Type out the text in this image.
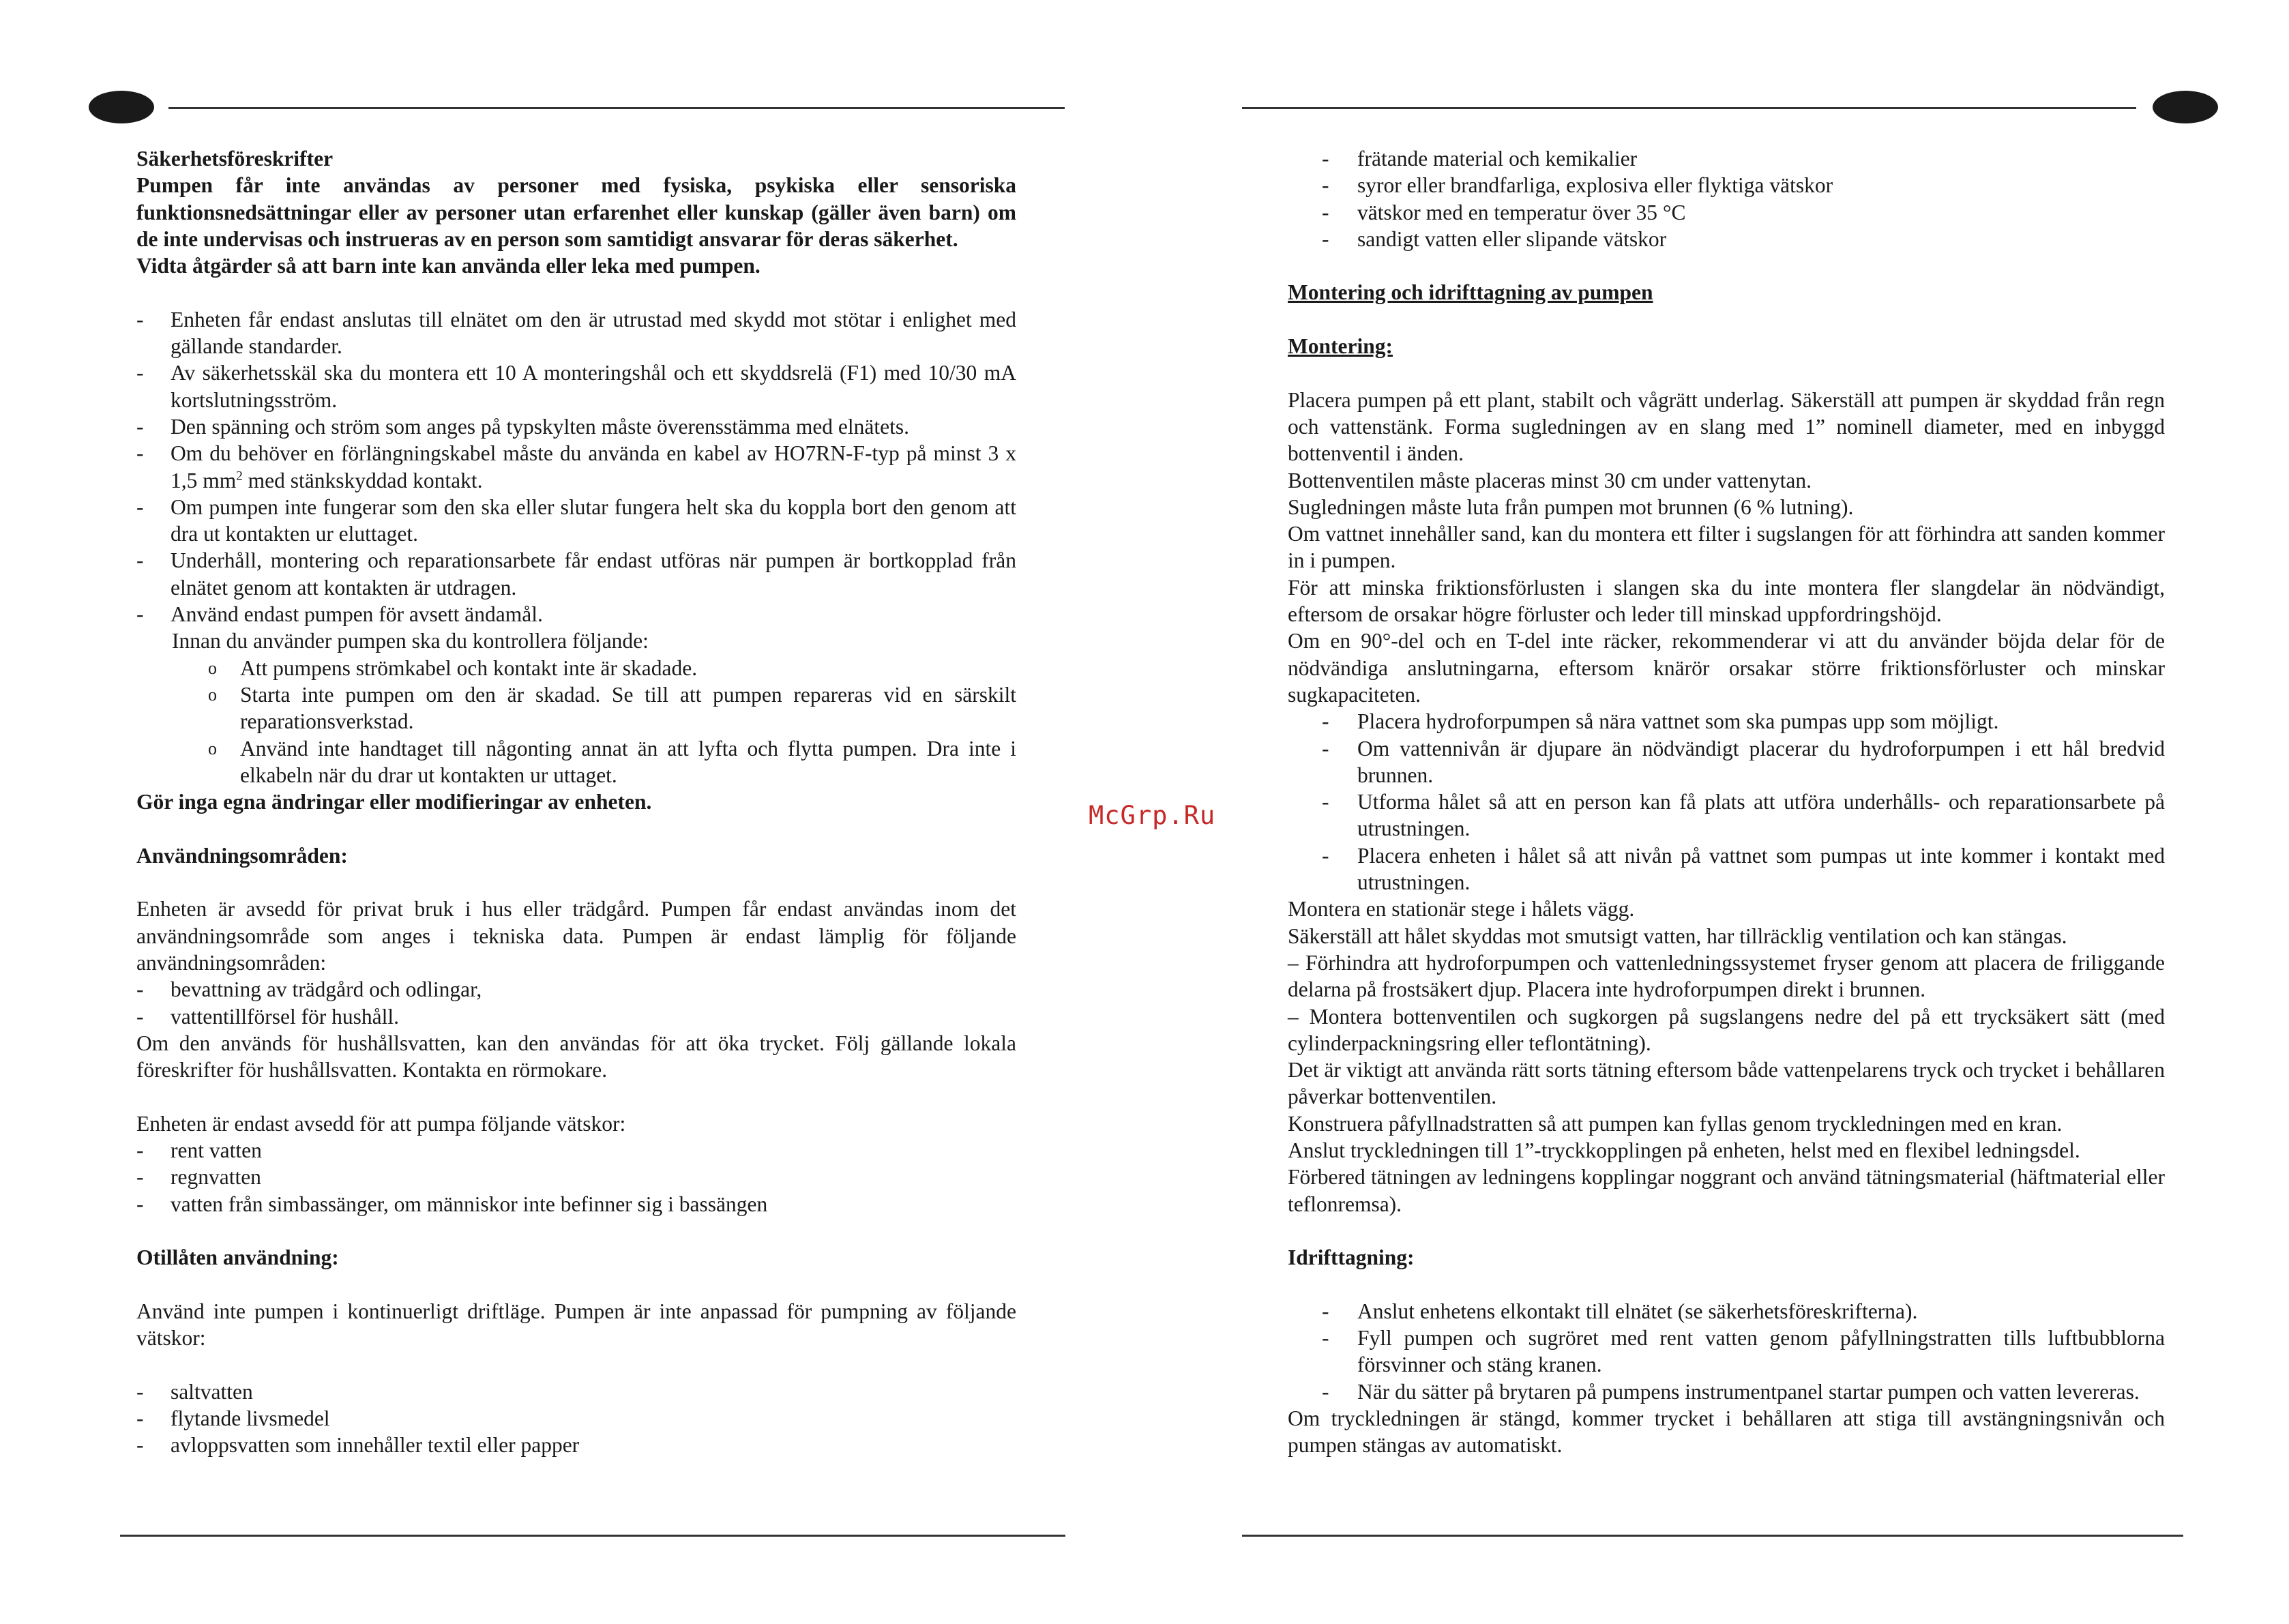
McGrp.Ru

Säkerhetsföreskrifter

Pumpen får inte användas av personer med fysiska, psykiska eller sensoriska funktionsnedsättningar eller av personer utan erfarenhet eller kunskap (gäller även barn) om de inte undervisas och instrueras av en person som samtidigt ansvarar för deras säkerhet.

Vidta åtgärder så att barn inte kan använda eller leka med pumpen.

- Enheten får endast anslutas till elnätet om den är utrustad med skydd mot stötar i enlighet med gällande standarder.
- Av säkerhetsskäl ska du montera ett 10 A monteringshål och ett skyddsrelä (F1) med 10/30 mA kortslutningsström.
- Den spänning och ström som anges på typskylten måste överensstämma med elnätets.
- Om du behöver en förlängningskabel måste du använda en kabel av HO7RN-F-typ på minst 3 x 1,5 $mm^2$ med stänkskyddad kontakt.
- Om pumpen inte fungerar som den ska eller slutar fungera helt ska du koppla bort den genom att dra ut kontakten ur eluttaget.
- Underhåll, montering och reparationsarbete får endast utföras när pumpen är bortkopplad från elnätet genom att kontakten är utdragen.
- Använd endast pumpen för avsett ändamål.

Innan du använder pumpen ska du kontrollera följande:

o Att pumpens strömkabel och kontakt inte är skadade.
o Starta inte pumpen om den är skadad. Se till att pumpen repareras vid en särskilt reparationsverkstad.
o Använd inte handtaget till någonting annat än att lyfta och flytta pumpen. Dra inte i elkabeln när du drar ut kontakten ur uttaget.

Gör inga egna ändringar eller modifieringar av enheten.

Användningsområden:

Enheten är avsedd för privat bruk i hus eller trädgård. Pumpen får endast användas inom det användningsområde som anges i tekniska data. Pumpen är endast lämplig för följande användningsområden:

- bevattning av trädgård och odlingar,
- vattentillförsel för hushåll.

Om den används för hushållsvatten, kan den användas för att öka trycket. Följ gällande lokala föreskrifter för hushållsvatten. Kontakta en rörmokare.

Enheten är endast avsedd för att pumpa följande vätskor:

- rent vatten
- regnvatten
- vatten från simbassänger, om människor inte befinner sig i bassängen

Otillåten användning:

Använd inte pumpen i kontinuerligt driftläge. Pumpen är inte anpassad för pumpning av följande vätskor:

- saltvatten
- flytande livsmedel
- avloppsvatten som innehåller textil eller papper
- frätande material och kemikalier
- syror eller brandfarliga, explosiva eller flyktiga vätskor
- vätskor med en temperatur över 35 °C
- sandigt vatten eller slipande vätskor

Montering och idrifttagning av pumpen

Montering:

Placera pumpen på ett plant, stabilt och vågrätt underlag. Säkerställ att pumpen är skyddad från regn och vattenstänk. Forma sugledningen av en slang med 1” nominell diameter, med en inbyggd bottenventil i änden.

Bottenventilen måste placeras minst 30 cm under vattenytan.

Sugledningen måste luta från pumpen mot brunnen (6 % lutning).

Om vattnet innehåller sand, kan du montera ett filter i sugslangen för att förhindra att sanden kommer in i pumpen.

För att minska friktionsförlusten i slangen ska du inte montera fler slangdelar än nödvändigt, eftersom de orsakar högre förluster och leder till minskad uppfordringshöjd.

Om en 90°-del och en T-del inte räcker, rekommenderar vi att du använder böjda delar för de nödvändiga anslutningarna, eftersom knärör orsakar större friktionsförluster och minskar sugkapaciteten.

- Placera hydroforpumpen så nära vattnet som ska pumpas upp som möjligt.
- Om vattennivån är djupare än nödvändigt placerar du hydroforpumpen i ett hål bredvid brunnen.
- Utforma hålet så att en person kan få plats att utföra underhålls- och reparationsarbete på utrustningen.
- Placera enheten i hålet så att nivån på vattnet som pumpas ut inte kommer i kontakt med utrustningen.

Montera en stationär stege i hålets vägg.

Säkerställ att hålet skyddas mot smutsigt vatten, har tillräcklig ventilation och kan stängas.

– Förhindra att hydroforpumpen och vattenledningssystemet fryser genom att placera de friliggande delarna på frostsäkert djup. Placera inte hydroforpumpen direkt i brunnen.

– Montera bottenventilen och sugkorgen på sugslangens nedre del på ett trycksäkert sätt (med cylinderpackningsring eller teflontätning).

Det är viktigt att använda rätt sorts tätning eftersom både vattenpelarens tryck och trycket i behållaren påverkar bottenventilen.

Konstruera påfyllnadstratten så att pumpen kan fyllas genom tryckledningen med en kran.

Anslut tryckledningen till 1”-tryckkopplingen på enheten, helst med en flexibel ledningsdel.

Förbered tätningen av ledningens kopplingar noggrant och använd tätningsmaterial (häftmaterial eller teflonremsa).

Idrifttagning:

- Anslut enhetens elkontakt till elnätet (se säkerhetsföreskrifterna).
- Fyll pumpen och sugröret med rent vatten genom påfyllningstratten tills luftbubblorna försvinner och stäng kranen.
- När du sätter på brytaren på pumpens instrumentpanel startar pumpen och vatten levereras.

Om tryckledningen är stängd, kommer trycket i behållaren att stiga till avstängningsnivån och pumpen stängas av automatiskt.
